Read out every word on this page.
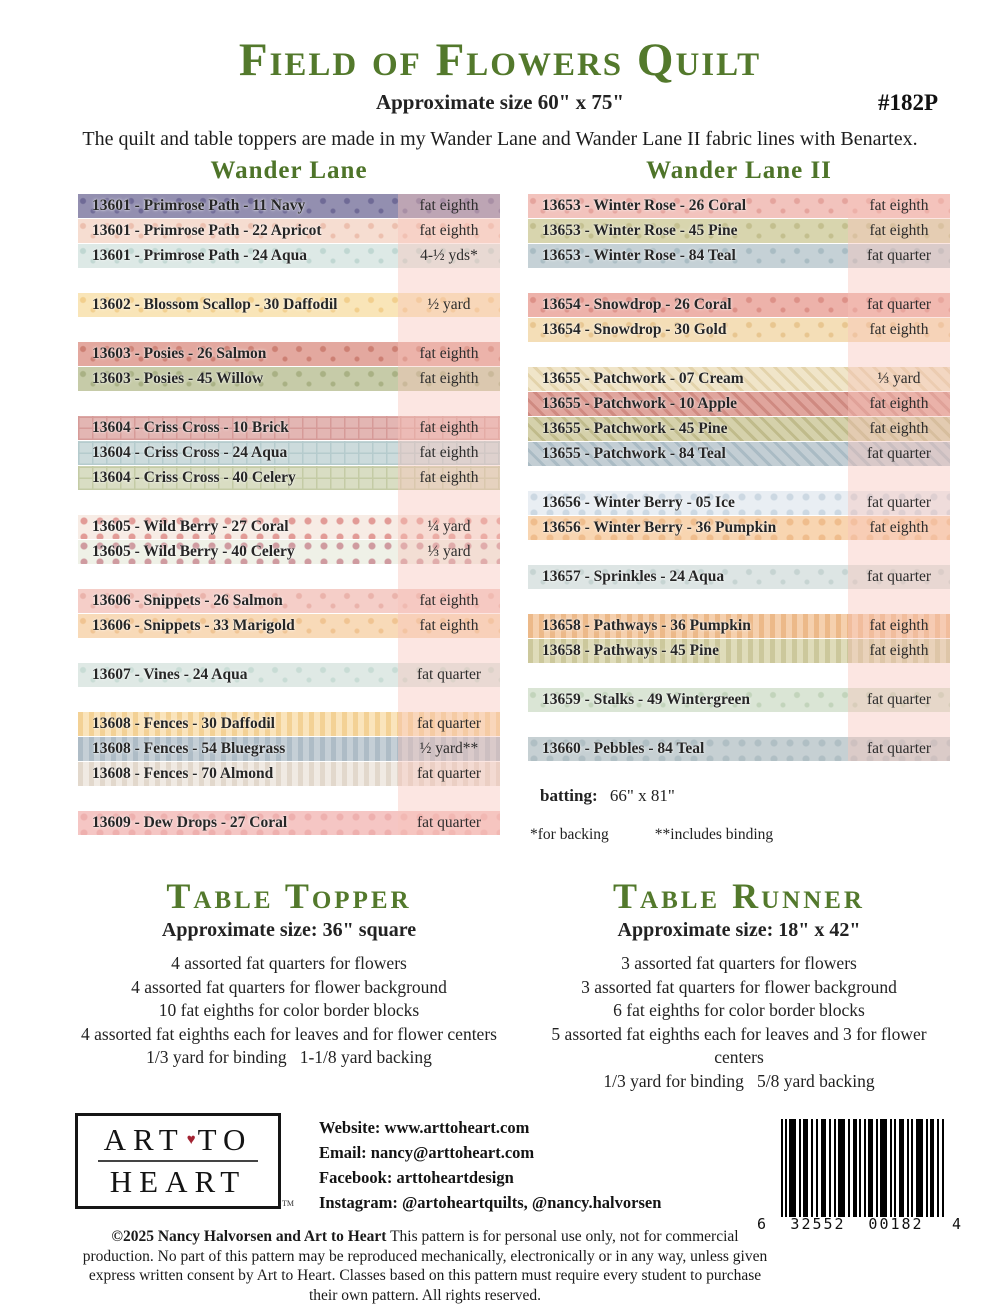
Field of Flowers Quilt
Approximate size 60" x 75"	#182P
The quilt and table toppers are made in my Wander Lane and Wander Lane II fabric lines with Benartex.
Wander Lane
13601 - Primrose Path - 11 Navy	fat eighth
13601 - Primrose Path - 22 Apricot	fat eighth
13601 - Primrose Path - 24 Aqua	4-½ yds*
13602 - Blossom Scallop - 30 Daffodil	½ yard
13603 - Posies - 26 Salmon	fat eighth
13603 - Posies - 45 Willow	fat eighth
13604 - Criss Cross - 10 Brick	fat eighth
13604 - Criss Cross - 24 Aqua	fat eighth
13604 - Criss Cross - 40 Celery	fat eighth
13605 - Wild Berry - 27 Coral	¼ yard
13605 - Wild Berry - 40 Celery	⅓ yard
13606 - Snippets - 26 Salmon	fat eighth
13606 - Snippets - 33 Marigold	fat eighth
13607 - Vines - 24 Aqua	fat quarter
13608 - Fences - 30 Daffodil	fat quarter
13608 - Fences - 54 Bluegrass	½ yard**
13608 - Fences - 70 Almond	fat quarter
13609 - Dew Drops - 27 Coral	fat quarter
Wander Lane II
13653 - Winter Rose - 26 Coral	fat eighth
13653 - Winter Rose - 45 Pine	fat eighth
13653 - Winter Rose - 84 Teal	fat quarter
13654 - Snowdrop - 26 Coral	fat quarter
13654 - Snowdrop - 30 Gold	fat eighth
13655 - Patchwork - 07 Cream	⅓ yard
13655 - Patchwork - 10 Apple	fat eighth
13655 - Patchwork - 45 Pine	fat eighth
13655 - Patchwork - 84 Teal	fat quarter
13656 - Winter Berry - 05 Ice	fat quarter
13656 - Winter Berry - 36 Pumpkin	fat eighth
13657 - Sprinkles - 24 Aqua	fat quarter
13658 - Pathways - 36 Pumpkin	fat eighth
13658 - Pathways - 45 Pine	fat eighth
13659 - Stalks - 49 Wintergreen	fat quarter
13660 - Pebbles - 84 Teal	fat quarter
batting: 66" x 81"
*for backing	**includes binding
Table Topper
Approximate size: 36" square
4 assorted fat quarters for flowers
4 assorted fat quarters for flower background
10 fat eighths for color border blocks
4 assorted fat eighths each for leaves and for flower centers
1/3 yard for binding   1-1/8 yard backing
Table Runner
Approximate size: 18" x 42"
3 assorted fat quarters for flowers
3 assorted fat quarters for flower background
6 fat eighths for color border blocks
5 assorted fat eighths each for leaves and 3 for flower centers
1/3 yard for binding   5/8 yard backing
ART ♥ TO
HEART
TM
Website: www.arttoheart.com
Email: nancy@arttoheart.com
Facebook: arttoheartdesign
Instagram: @artoheartquilts, @nancy.halvorsen
©2025 Nancy Halvorsen and Art to Heart This pattern is for personal use only, not for commercial production. No part of this pattern may be reproduced mechanically, electronically or in any way, unless given express written consent by Art to Heart. Classes based on this pattern must require every student to purchase their own pattern. All rights reserved.
6	32552	00182	4
